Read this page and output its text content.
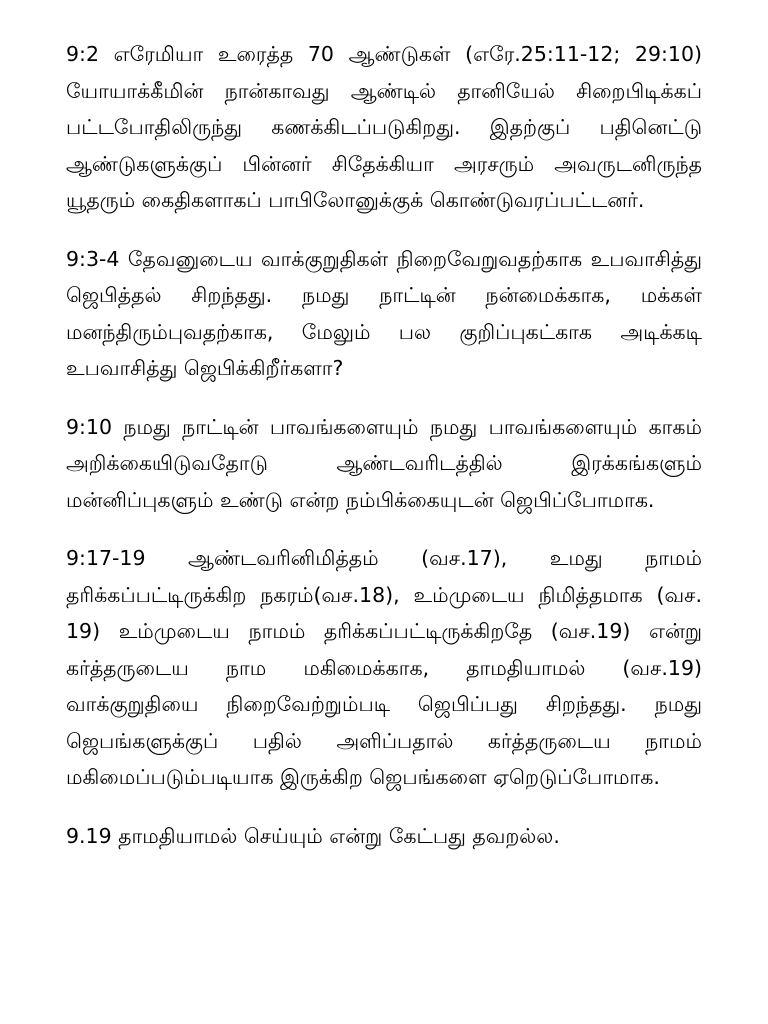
9:2 எரேமியா உரைத்த 70 ஆண்டுகள் (எரே.25:11-12; 29:10) யோயாக்கீமின் நான்காவது ஆண்டில் தானியேல் சிறைபிடிக்கப் பட்டபோதிலிருந்து கணக்கிடப்படுகிறது. இதற்குப் பதினெட்டு ஆண்டுகளுக்குப் பின்னர் சிதேக்கியா அரசரும் அவருடனிருந்த யூதரும் கைதிகளாகப் பாபிலோனுக்குக் கொண்டுவரப்பட்டனர்.

9:3-4 தேவனுடைய வாக்குறுதிகள் நிறைவேறுவதற்காக உபவாசித்து ஜெபித்தல் சிறந்தது. நமது நாட்டின் நன்மைக்காக, மக்கள் மனந்திரும்புவதற்காக, மேலும் பல குறிப்புகட்காக அடிக்கடி உபவாசித்து ஜெபிக்கிறீர்களா?

9:10 நமது நாட்டின் பாவங்களையும் நமது பாவங்களையும் காகம் அறிக்கையிடுவதோடு ஆண்டவரிடத்தில் இரக்கங்களும் மன்னிப்புகளும் உண்டு என்ற நம்பிக்கையுடன் ஜெபிப்போமாக.

9:17-19 ஆண்டவரினிமித்தம் (வச.17), உமது நாமம் தரிக்கப்பட்டிருக்கிற நகரம்(வச.18), உம்முடைய நிமித்தமாக (வச. 19) உம்முடைய நாமம் தரிக்கப்பட்டிருக்கிறதே (வச.19) என்று கர்த்தருடைய நாம மகிமைக்காக, தாமதியாமல் (வச.19) வாக்குறுதியை நிறைவேற்றும்படி ஜெபிப்பது சிறந்தது. நமது ஜெபங்களுக்குப் பதில் அளிப்பதால் கர்த்தருடைய நாமம் மகிமைப்படும்படியாக இருக்கிற ஜெபங்களை ஏறெடுப்போமாக.

9.19 தாமதியாமல் செய்யும் என்று கேட்பது தவறல்ல.
